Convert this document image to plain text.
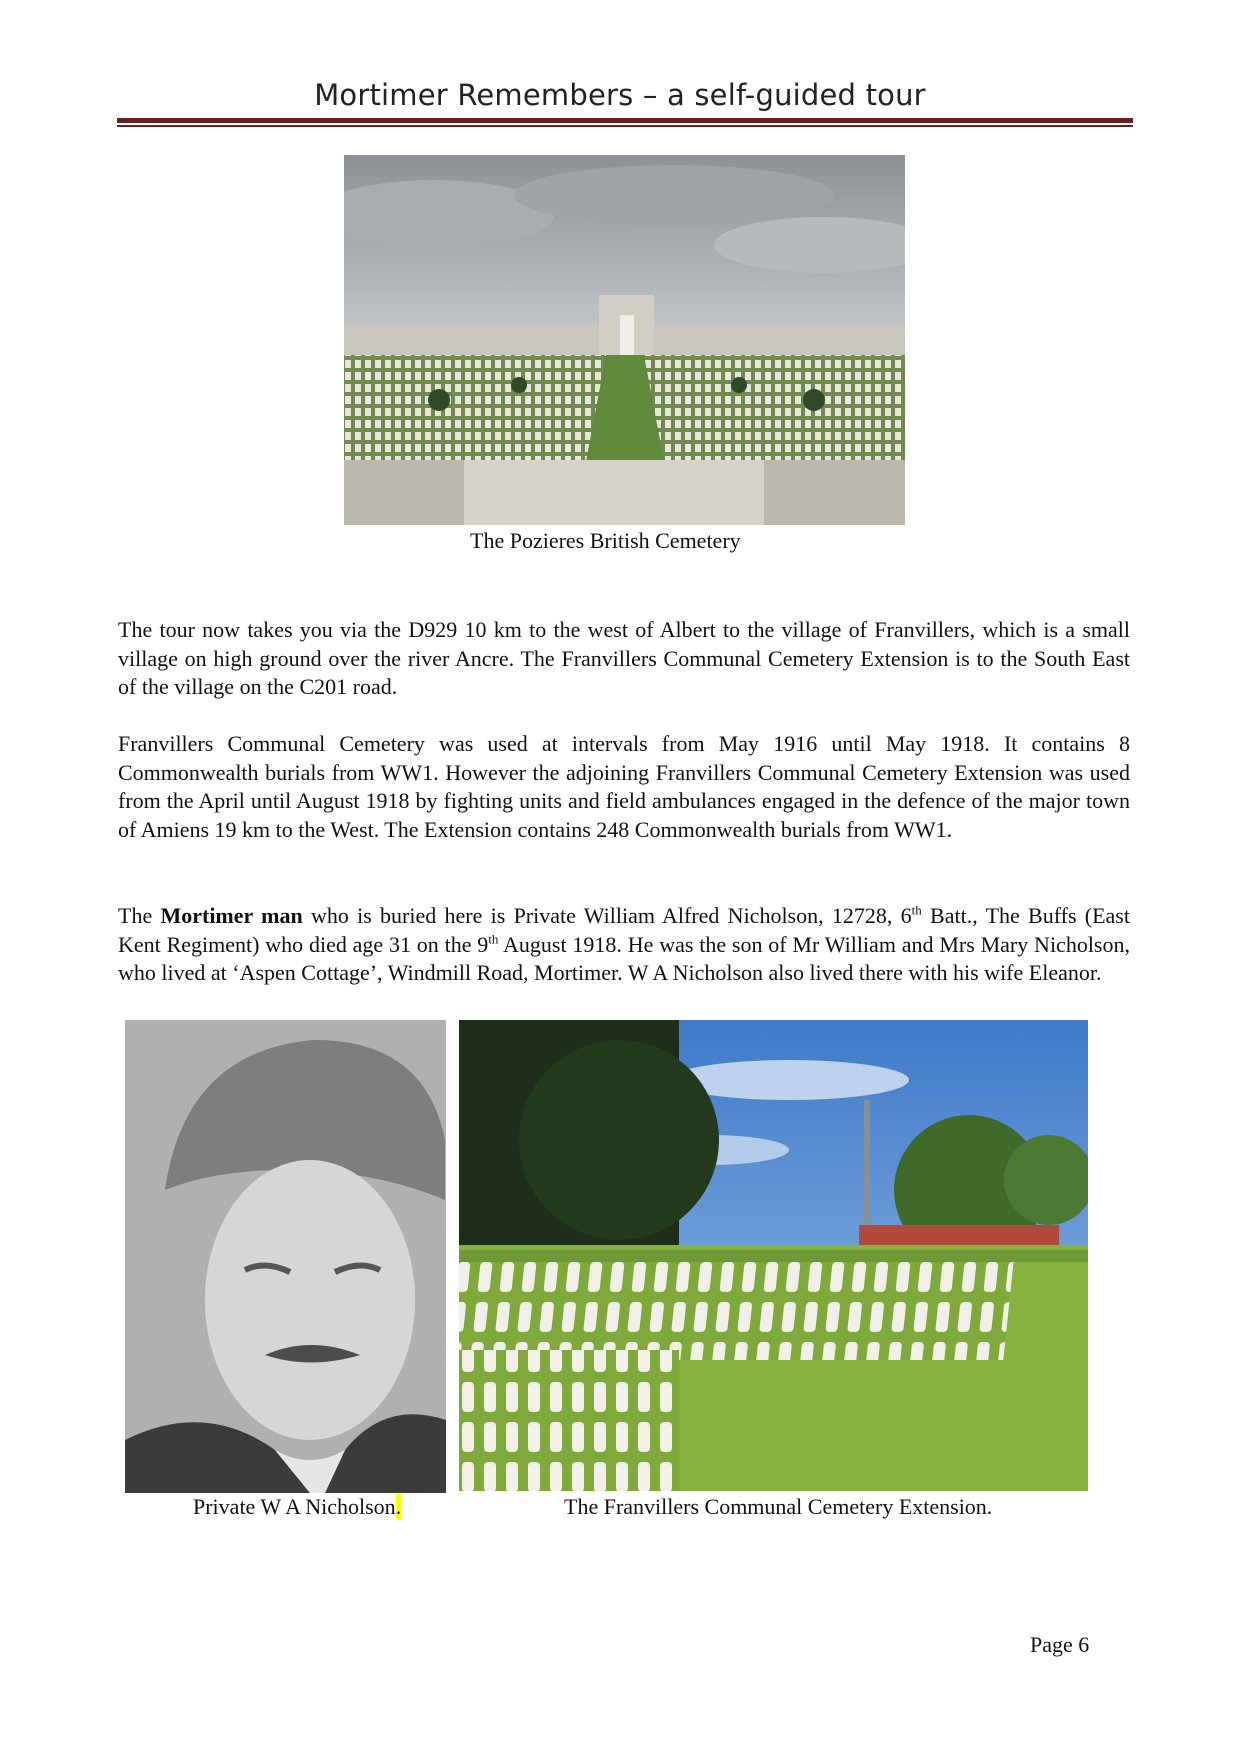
Mortimer Remembers – a self-guided tour
The Pozieres British Cemetery

The tour now takes you via the D929 10 km to the west of Albert to the village of Franvillers, which is a small village on high ground over the river Ancre. The Franvillers Communal Cemetery Extension is to the South East of the village on the C201 road.

Franvillers Communal Cemetery was used at intervals from May 1916 until May 1918. It contains 8 Commonwealth burials from WW1. However the adjoining Franvillers Communal Cemetery Extension was used from the April until August 1918 by fighting units and field ambulances engaged in the defence of the major town of Amiens 19 km to the West. The Extension contains 248 Commonwealth burials from WW1.

The Mortimer man who is buried here is Private William Alfred Nicholson, 12728, 6th Batt., The Buffs (East Kent Regiment) who died age 31 on the 9th August 1918. He was the son of Mr William and Mrs Mary Nicholson, who lived at ‘Aspen Cottage’, Windmill Road, Mortimer. W A Nicholson also lived there with his wife Eleanor.

Private W A Nicholson.	The Franvillers Communal Cemetery Extension.
Page 6
